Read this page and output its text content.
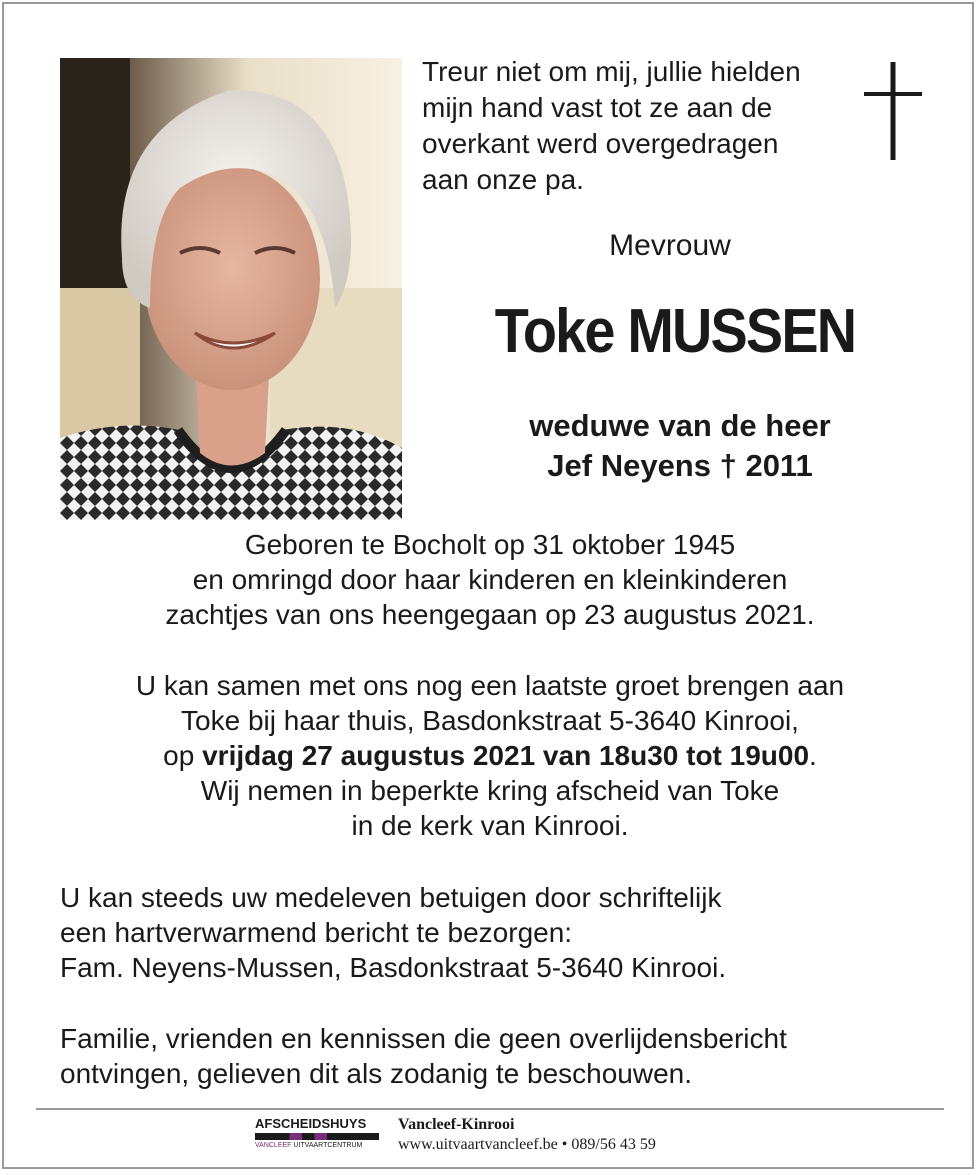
Treur niet om mij, jullie hielden
mijn hand vast tot ze aan de
overkant werd overgedragen
aan onze pa.

Mevrouw
Toke MUSSEN
weduwe van de heer
Jef Neyens † 2011
Geboren te Bocholt op 31 oktober 1945
en omringd door haar kinderen en kleinkinderen
zachtjes van ons heengegaan op 23 augustus 2021.
U kan samen met ons nog een laatste groet brengen aan
Toke bij haar thuis, Basdonkstraat 5-3640 Kinrooi,
op vrijdag 27 augustus 2021 van 18u30 tot 19u00.
Wij nemen in beperkte kring afscheid van Toke
in de kerk van Kinrooi.
U kan steeds uw medeleven betuigen door schriftelijk
een hartverwarmend bericht te bezorgen:
Fam. Neyens-Mussen, Basdonkstraat 5-3640 Kinrooi.
Familie, vrienden en kennissen die geen overlijdensbericht
ontvingen, gelieven dit als zodanig te beschouwen.
AFSCHEIDSHUYS
VANCLEEF UITVAARTCENTRUM
Vancleef-Kinrooi
www.uitvaartvancleef.be • 089/56 43 59
